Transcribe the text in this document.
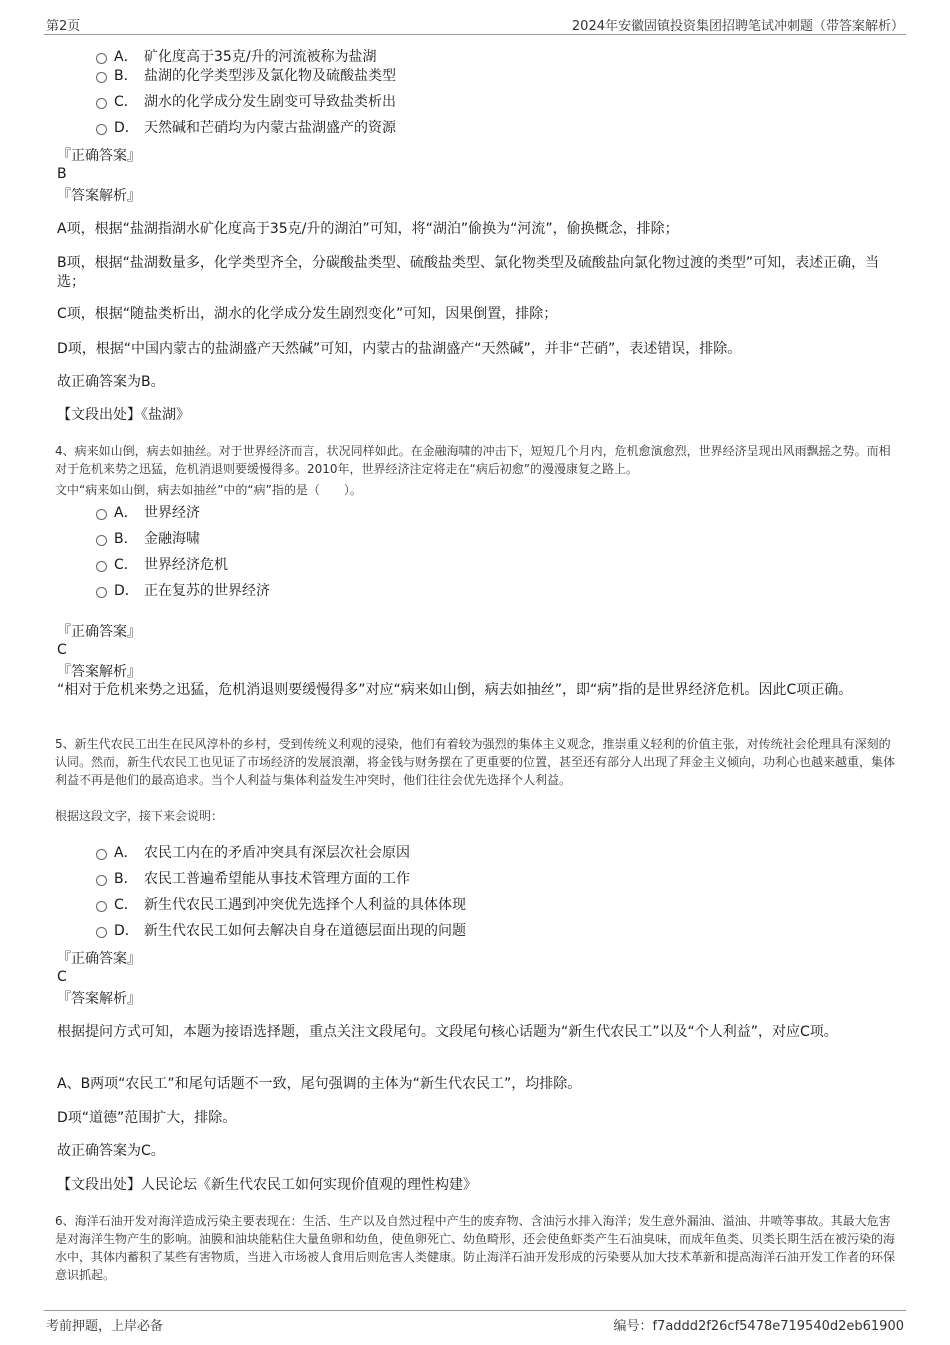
第2页	2024年安徽固镇投资集团招聘笔试冲刺题（带答案解析）
A． 矿化度高于35克/升的河流被称为盐湖
B． 盐湖的化学类型涉及氯化物及硫酸盐类型
C． 湖水的化学成分发生剧变可导致盐类析出
D． 天然碱和芒硝均为内蒙古盐湖盛产的资源
『正确答案』
B
『答案解析』
A项，根据“盐湖指湖水矿化度高于35克/升的湖泊”可知，将“湖泊”偷换为“河流”，偷换概念，排除；
B项，根据“盐湖数量多，化学类型齐全，分碳酸盐类型、硫酸盐类型、氯化物类型及硫酸盐向氯化物过渡的类型”可知，表述正确，当选；
C项，根据“随盐类析出，湖水的化学成分发生剧烈变化”可知，因果倒置，排除；
D项，根据“中国内蒙古的盐湖盛产天然碱”可知，内蒙古的盐湖盛产“天然碱”，并非“芒硝”，表述错误，排除。
故正确答案为B。
【文段出处】《盐湖》
4、病来如山倒，病去如抽丝。对于世界经济而言，状况同样如此。在金融海啸的冲击下，短短几个月内，危机愈演愈烈，世界经济呈现出风雨飘摇之势。而相对于危机来势之迅猛，危机消退则要缓慢得多。2010年，世界经济注定将走在“病后初愈”的漫漫康复之路上。
文中“病来如山倒，病去如抽丝”中的“病”指的是（　　）。
A． 世界经济
B． 金融海啸
C． 世界经济危机
D． 正在复苏的世界经济
『正确答案』
C
『答案解析』
“相对于危机来势之迅猛，危机消退则要缓慢得多”对应“病来如山倒，病去如抽丝”，即“病”指的是世界经济危机。因此C项正确。
5、新生代农民工出生在民风淳朴的乡村，受到传统义利观的浸染，他们有着较为强烈的集体主义观念，推崇重义轻利的价值主张，对传统社会伦理具有深刻的认同。然而，新生代农民工也见证了市场经济的发展浪潮，将金钱与财务摆在了更重要的位置，甚至还有部分人出现了拜金主义倾向，功利心也越来越重，集体利益不再是他们的最高追求。当个人利益与集体利益发生冲突时，他们往往会优先选择个人利益。
根据这段文字，接下来会说明：
A． 农民工内在的矛盾冲突具有深层次社会原因
B． 农民工普遍希望能从事技术管理方面的工作
C． 新生代农民工遇到冲突优先选择个人利益的具体体现
D． 新生代农民工如何去解决自身在道德层面出现的问题
『正确答案』
C
『答案解析』
根据提问方式可知，本题为接语选择题，重点关注文段尾句。文段尾句核心话题为“新生代农民工”以及“个人利益”，对应C项。
A、B两项“农民工”和尾句话题不一致，尾句强调的主体为“新生代农民工”，均排除。
D项“道德”范围扩大，排除。
故正确答案为C。
【文段出处】人民论坛《新生代农民工如何实现价值观的理性构建》
6、海洋石油开发对海洋造成污染主要表现在：生活、生产以及自然过程中产生的废弃物、含油污水排入海洋；发生意外漏油、溢油、井喷等事故。其最大危害是对海洋生物产生的影响。油膜和油块能粘住大量鱼卵和幼鱼，使鱼卵死亡、幼鱼畸形，还会使鱼虾类产生石油臭味，而成年鱼类、贝类长期生活在被污染的海水中，其体内蓄积了某些有害物质，当进入市场被人食用后则危害人类健康。防止海洋石油开发形成的污染要从加大技术革新和提高海洋石油开发工作者的环保意识抓起。
考前押题，上岸必备	编号：f7addd2f26cf5478e719540d2eb61900
